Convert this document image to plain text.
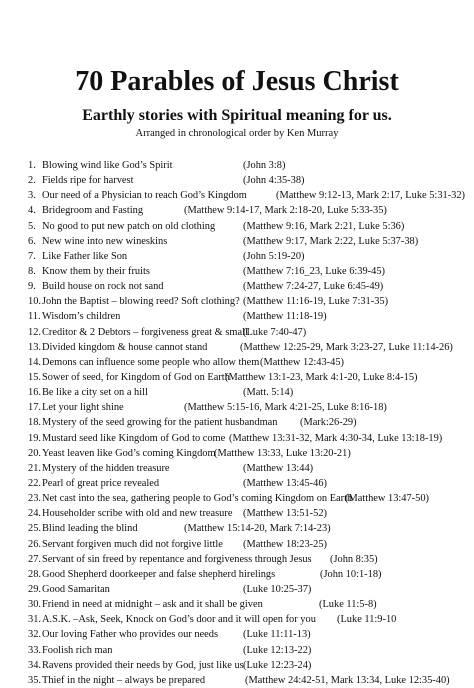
70 Parables of Jesus Christ
Earthly stories with Spiritual meaning for us.
Arranged in chronological order by Ken Murray
1. Blowing wind like God’s Spirit	(John 3:8)
2. Fields ripe for harvest	(John 4:35-38)
3. Our need of a Physician to reach God’s Kingdom	(Matthew 9:12-13, Mark 2:17, Luke 5:31-32)
4. Bridegroom and Fasting	(Matthew 9:14-17, Mark 2:18-20, Luke 5:33-35)
5. No good to put new patch on old clothing	(Matthew 9:16, Mark 2:21, Luke 5:36)
6. New wine into new wineskins	(Matthew 9:17, Mark 2:22, Luke 5:37-38)
7. Like Father like Son	(John 5:19-20)
8. Know them by their fruits	(Matthew 7:16_23, Luke 6:39-45)
9. Build house on rock not sand	(Matthew 7:24-27, Luke 6:45-49)
10. John the Baptist – blowing reed? Soft clothing? (Matthew 11:16-19, Luke 7:31-35)
11. Wisdom’s children	(Matthew 11:18-19)
12. Creditor & 2 Debtors – forgiveness great & small
(Luke 7:40-47)
13. Divided kingdom & house cannot stand	(Matthew 12:25-29, Mark 3:23-27, Luke 11:14-26)
14. Demons can influence some people who allow them (Matthew 12:43-45)
15. Sower of seed, for Kingdom of God on Earth
(Matthew 13:1-23, Mark 4:1-20, Luke 8:4-15)
16. Be like a city set on a hill	(Matt. 5:14)
17. Let your light shine	(Matthew 5:15-16, Mark 4:21-25, Luke 8:16-18)
18. Mystery of the seed growing for the patient husbandman (Mark:26-29)
19. Mustard seed like Kingdom of God to come (Matthew 13:31-32, Mark 4:30-34, Luke 13:18-19)
20. Yeast leaven like God’s coming Kingdom
(Matthew 13:33, Luke 13:20-21)
21. Mystery of the hidden treasure	(Matthew 13:44)
22. Pearl of great price revealed	(Matthew 13:45-46)
23. Net cast into the sea, gathering people to God’s coming Kingdom on Earth
(Matthew 13:47-50)
24. Householder scribe with old and new treasure (Matthew 13:51-52)
25. Blind leading the blind	(Matthew 15:14-20, Mark 7:14-23)
26. Servant forgiven much did not forgive little (Matthew 18:23-25)
27. Servant of sin freed by repentance and forgiveness through Jesus (John 8:35)
28. Good Shepherd doorkeeper and false shepherd hirelings	(John 10:1-18)
29. Good Samaritan	(Luke 10:25-37)
30. Friend in need at midnight – ask and it shall be given	(Luke 11:5-8)
31. A.S.K. –Ask, Seek, Knock on God’s door and it will open for you (Luke 11:9-10
32. Our loving Father who provides our needs (Luke 11:11-13)
33. Foolish rich man	(Luke 12:13-22)
34. Ravens provided their needs by God, just like us (Luke 12:23-24)
35. Thief in the night – always be prepared	(Matthew 24:42-51, Mark 13:34, Luke 12:35-40)
